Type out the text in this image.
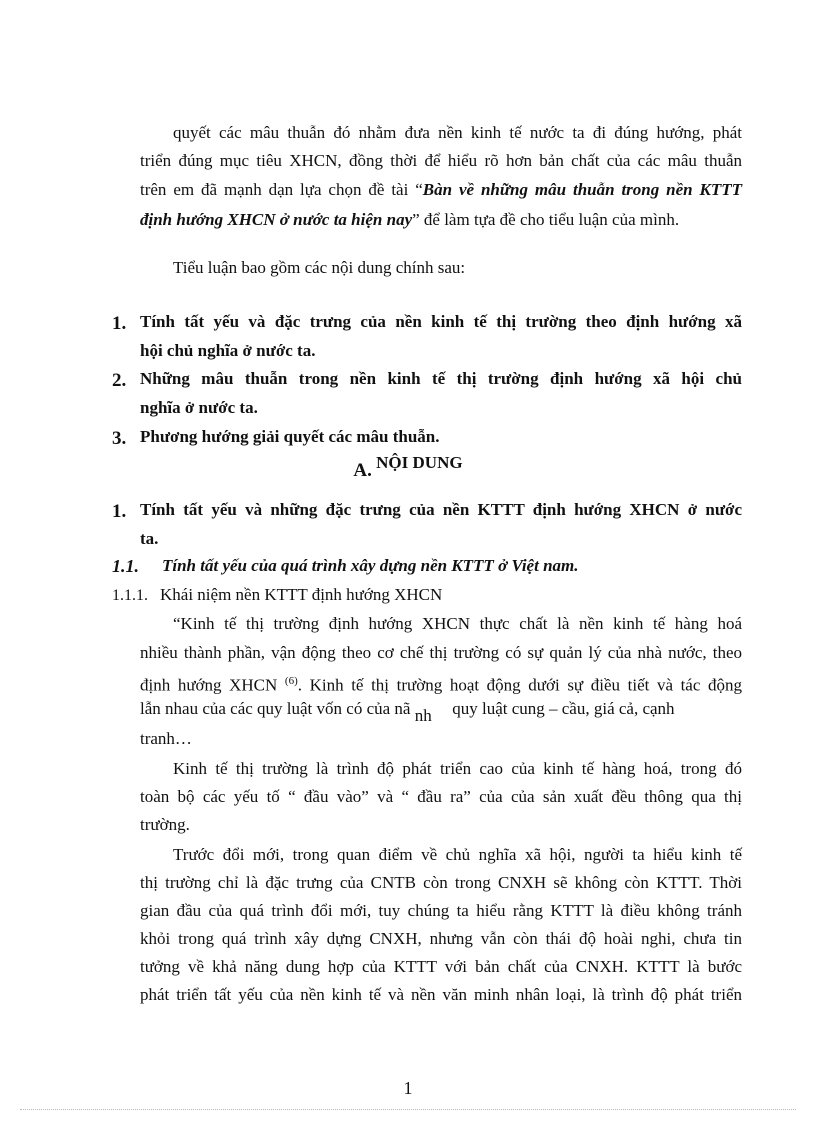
quyết các mâu thuẫn đó nhằm đưa nền kinh tế nước ta đi đúng hướng, phát
triển đúng mục tiêu XHCN, đồng thời để hiểu rõ hơn bản chất của các mâu thuẫn
trên em đã mạnh dạn lựa chọn đề tài “Bàn về những mâu thuẫn trong nền KTTT
định hướng XHCN ở nước ta hiện nay” để làm tựa đề cho tiểu luận của mình.
Tiểu luận bao gồm các nội dung chính sau:
1. Tính tất yếu và đặc trưng của nền kinh tế thị trường theo định hướng xã
hội chủ nghĩa ở nước ta.
2. Những mâu thuẫn trong nền kinh tế thị trường định hướng xã hội chủ
nghĩa ở nước ta.
3. Phương hướng giải quyết các mâu thuẫn.
A. NỘI DUNG
1. Tính tất yếu và những đặc trưng của nền KTTT định hướng XHCN ở nước
ta.
1.1. Tính tất yếu của quá trình xây dựng nền KTTT ở Việt nam.
1.1.1. Khái niệm nền KTTT định hướng XHCN
“Kinh tế thị trường định hướng XHCN thực chất là nền kinh tế hàng hoá
nhiều thành phần, vận động theo cơ chế thị trường có sự quản lý của nhà nước, theo
định hướng XHCN $^{(6)}$. Kinh tế thị trường hoạt động dưới sự điều tiết và tác động
lẫn nhau của các quy luật vốn có của nã nh quy luật cung – cầu, giá cả, cạnh
tranh…
Kinh tế thị trường là trình độ phát triển cao của kinh tế hàng hoá, trong đó
toàn bộ các yếu tố “ đầu vào” và “ đầu ra” của của sản xuất đều thông qua thị
trường.
Trước đổi mới, trong quan điểm về chủ nghĩa xã hội, người ta hiểu kinh tế
thị trường chỉ là đặc trưng của CNTB còn trong CNXH sẽ không còn KTTT. Thời
gian đầu của quá trình đổi mới, tuy chúng ta hiểu rằng KTTT là điều không tránh
khỏi trong quá trình xây dựng CNXH, nhưng vẫn còn thái độ hoài nghi, chưa tin
tưởng về khả năng dung hợp của KTTT với bản chất của CNXH. KTTT là bước
phát triển tất yếu của nền kinh tế và nền văn minh nhân loại, là trình độ phát triển
1
